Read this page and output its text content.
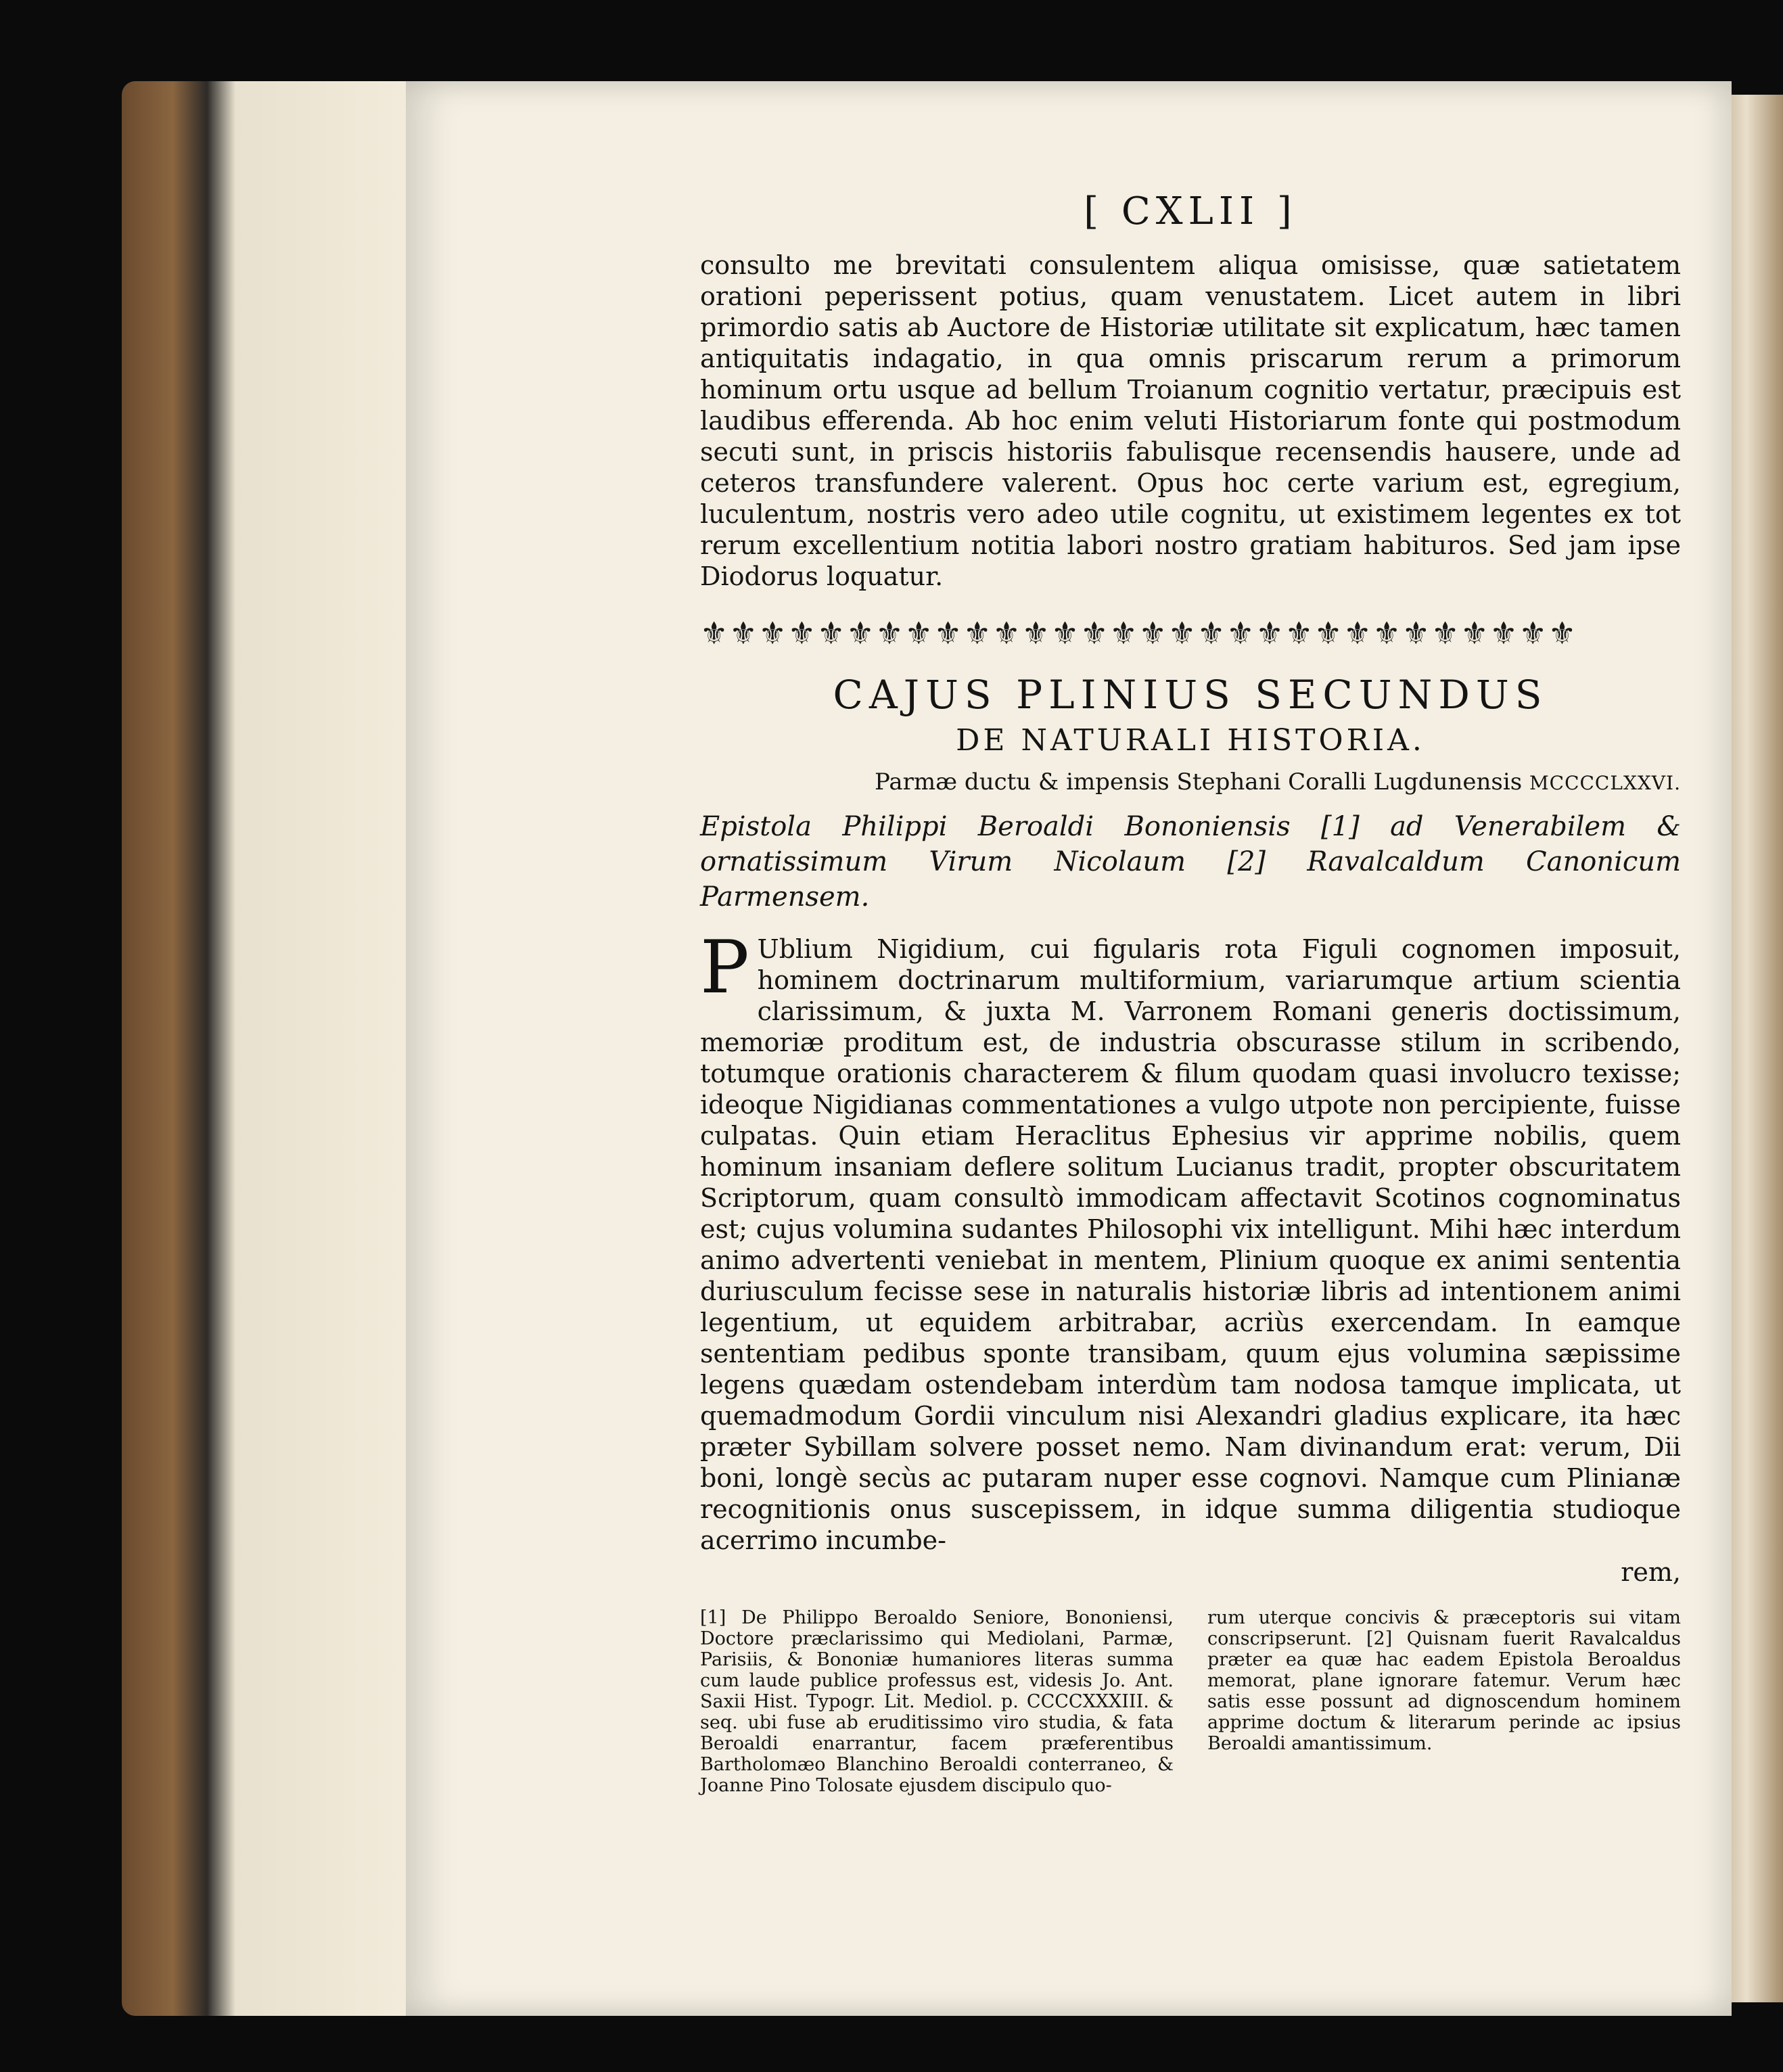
[ CXLII ]

consulto me brevitati consulentem aliqua omisisse, quæ satietatem orationi peperissent potius, quam venustatem. Licet autem in libri primordio satis ab Auctore de Historiæ utilitate sit explicatum, hæc tamen antiquitatis indagatio, in qua omnis priscarum rerum a primorum hominum ortu usque ad bellum Troianum cognitio vertatur, præcipuis est laudibus efferenda. Ab hoc enim veluti Historiarum fonte qui postmodum secuti sunt, in priscis historiis fabulisque recensendis hausere, unde ad ceteros transfundere valerent. Opus hoc certe varium est, egregium, luculentum, nostris vero adeo utile cognitu, ut existimem legentes ex tot rerum excellentium notitia labori nostro gratiam habituros. Sed jam ipse Diodorus loquatur.

⚜⚜⚜⚜⚜⚜⚜⚜⚜⚜⚜⚜⚜⚜⚜⚜⚜⚜⚜⚜⚜⚜⚜⚜⚜⚜⚜⚜⚜⚜
CAJUS PLINIUS SECUNDUS
DE NATURALI HISTORIA.
Parmæ ductu & impensis Stephani Coralli Lugdunensis MCCCCLXXVI.
Epistola Philippi Beroaldi Bononiensis [1] ad Venerabilem & ornatissimum Virum Nicolaum [2] Ravalcaldum Canonicum Parmensem.
P Ublium Nigidium, cui figularis rota Figuli cognomen imposuit, hominem doctrinarum multiformium, variarumque artium scientia clarissimum, & juxta M. Varronem Romani generis doctissimum, memoriæ proditum est, de industria obscurasse stilum in scribendo, totumque orationis characterem & filum quodam quasi involucro texisse; ideoque Nigidianas commentationes a vulgo utpote non percipiente, fuisse culpatas. Quin etiam Heraclitus Ephesius vir apprime nobilis, quem hominum insaniam deflere solitum Lucianus tradit, propter obscuritatem Scriptorum, quam consultò immodicam affectavit Scotinos cognominatus est; cujus volumina sudantes Philosophi vix intelligunt. Mihi hæc interdum animo advertenti veniebat in mentem, Plinium quoque ex animi sententia duriusculum fecisse sese in naturalis historiæ libris ad intentionem animi legentium, ut equidem arbitrabar, acriùs exercendam. In eamque sententiam pedibus sponte transibam, quum ejus volumina sæpissime legens quædam ostendebam interdùm tam nodosa tamque implicata, ut quemadmodum Gordii vinculum nisi Alexandri gladius explicare, ita hæc præter Sybillam solvere posset nemo. Nam divinandum erat: verum, Dii boni, longè secùs ac putaram nuper esse cognovi. Namque cum Plinianæ recognitionis onus suscepissem, in idque summa diligentia studioque acerrimo incumbe-
rem,
[1] De Philippo Beroaldo Seniore, Bononiensi, Doctore præclarissimo qui Mediolani, Parmæ, Parisiis, & Bononiæ humaniores literas summa cum laude publice professus est, videsis Jo. Ant. Saxii Hist. Typogr. Lit. Mediol. p. CCCCXXXIII. & seq. ubi fuse ab eruditissimo viro studia, & fata Beroaldi enarrantur, facem præferentibus Bartholomæo Blanchino Beroaldi conterraneo, & Joanne Pino Tolosate ejusdem discipulo quo-
rum uterque concivis & præceptoris sui vitam conscripserunt. [2] Quisnam fuerit Ravalcaldus præter ea quæ hac eadem Epistola Beroaldus memorat, plane ignorare fatemur. Verum hæc satis esse possunt ad dignoscendum hominem apprime doctum & literarum perinde ac ipsius Beroaldi amantissimum.
